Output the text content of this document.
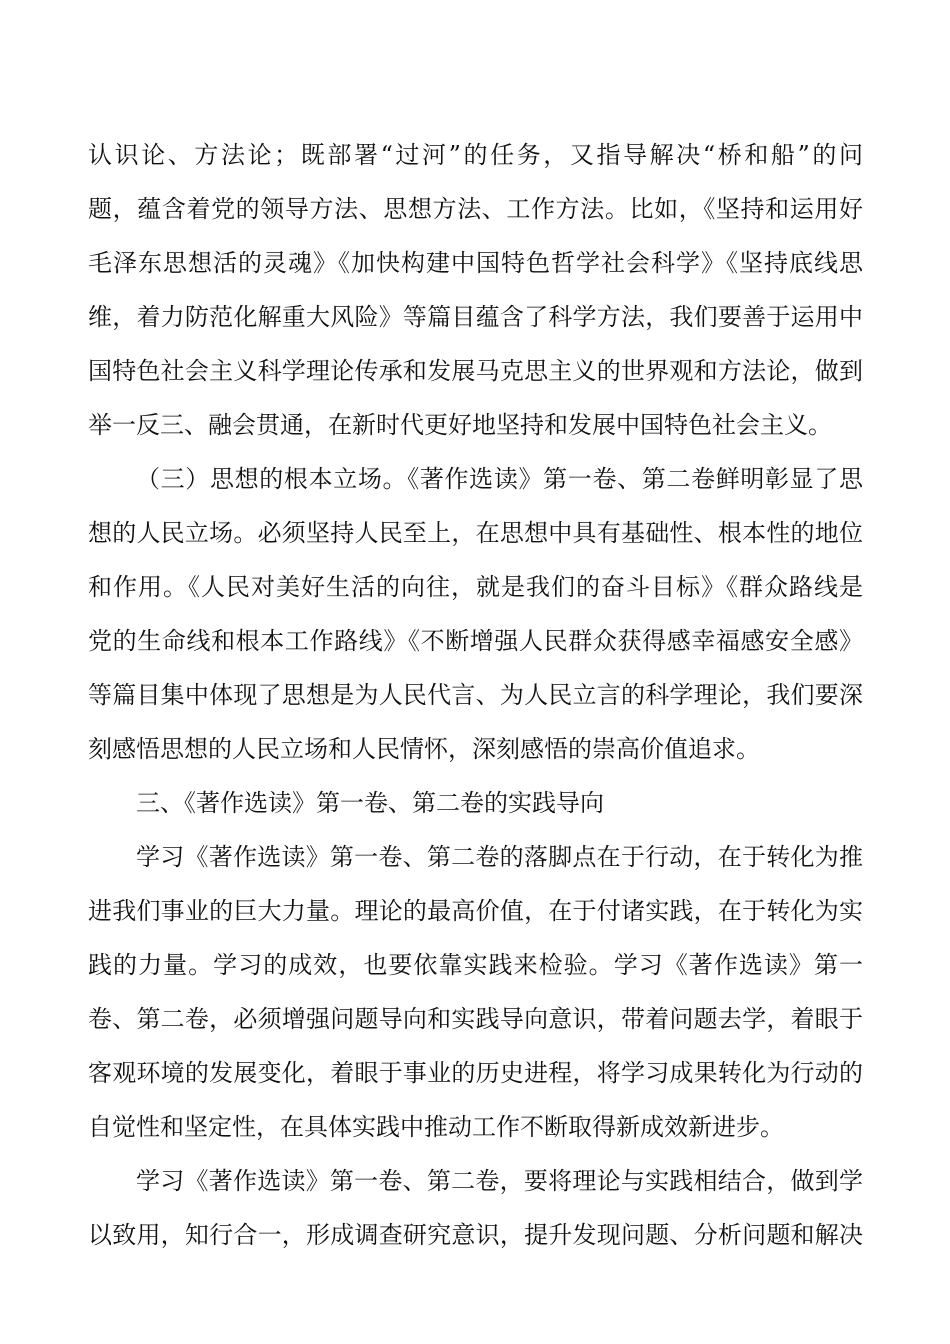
认识论、方法论；既部署“过河”的任务，又指导解决“桥和船”的问
题，蕴含着党的领导方法、思想方法、工作方法。比如，《坚持和运用好
毛泽东思想活的灵魂》《加快构建中国特色哲学社会科学》《坚持底线思
维，着力防范化解重大风险》等篇目蕴含了科学方法，我们要善于运用中
国特色社会主义科学理论传承和发展马克思主义的世界观和方法论，做到
举一反三、融会贯通，在新时代更好地坚持和发展中国特色社会主义。
（三）思想的根本立场。《著作选读》第一卷、第二卷鲜明彰显了思
想的人民立场。必须坚持人民至上，在思想中具有基础性、根本性的地位
和作用。《人民对美好生活的向往，就是我们的奋斗目标》《群众路线是
党的生命线和根本工作路线》《不断增强人民群众获得感幸福感安全感》
等篇目集中体现了思想是为人民代言、为人民立言的科学理论，我们要深
刻感悟思想的人民立场和人民情怀，深刻感悟的崇高价值追求。
三、《著作选读》第一卷、第二卷的实践导向
学习《著作选读》第一卷、第二卷的落脚点在于行动，在于转化为推
进我们事业的巨大力量。理论的最高价值，在于付诸实践，在于转化为实
践的力量。学习的成效，也要依靠实践来检验。学习《著作选读》第一
卷、第二卷，必须增强问题导向和实践导向意识，带着问题去学，着眼于
客观环境的发展变化，着眼于事业的历史进程，将学习成果转化为行动的
自觉性和坚定性，在具体实践中推动工作不断取得新成效新进步。
学习《著作选读》第一卷、第二卷，要将理论与实践相结合，做到学
以致用，知行合一，形成调查研究意识，提升发现问题、分析问题和解决
